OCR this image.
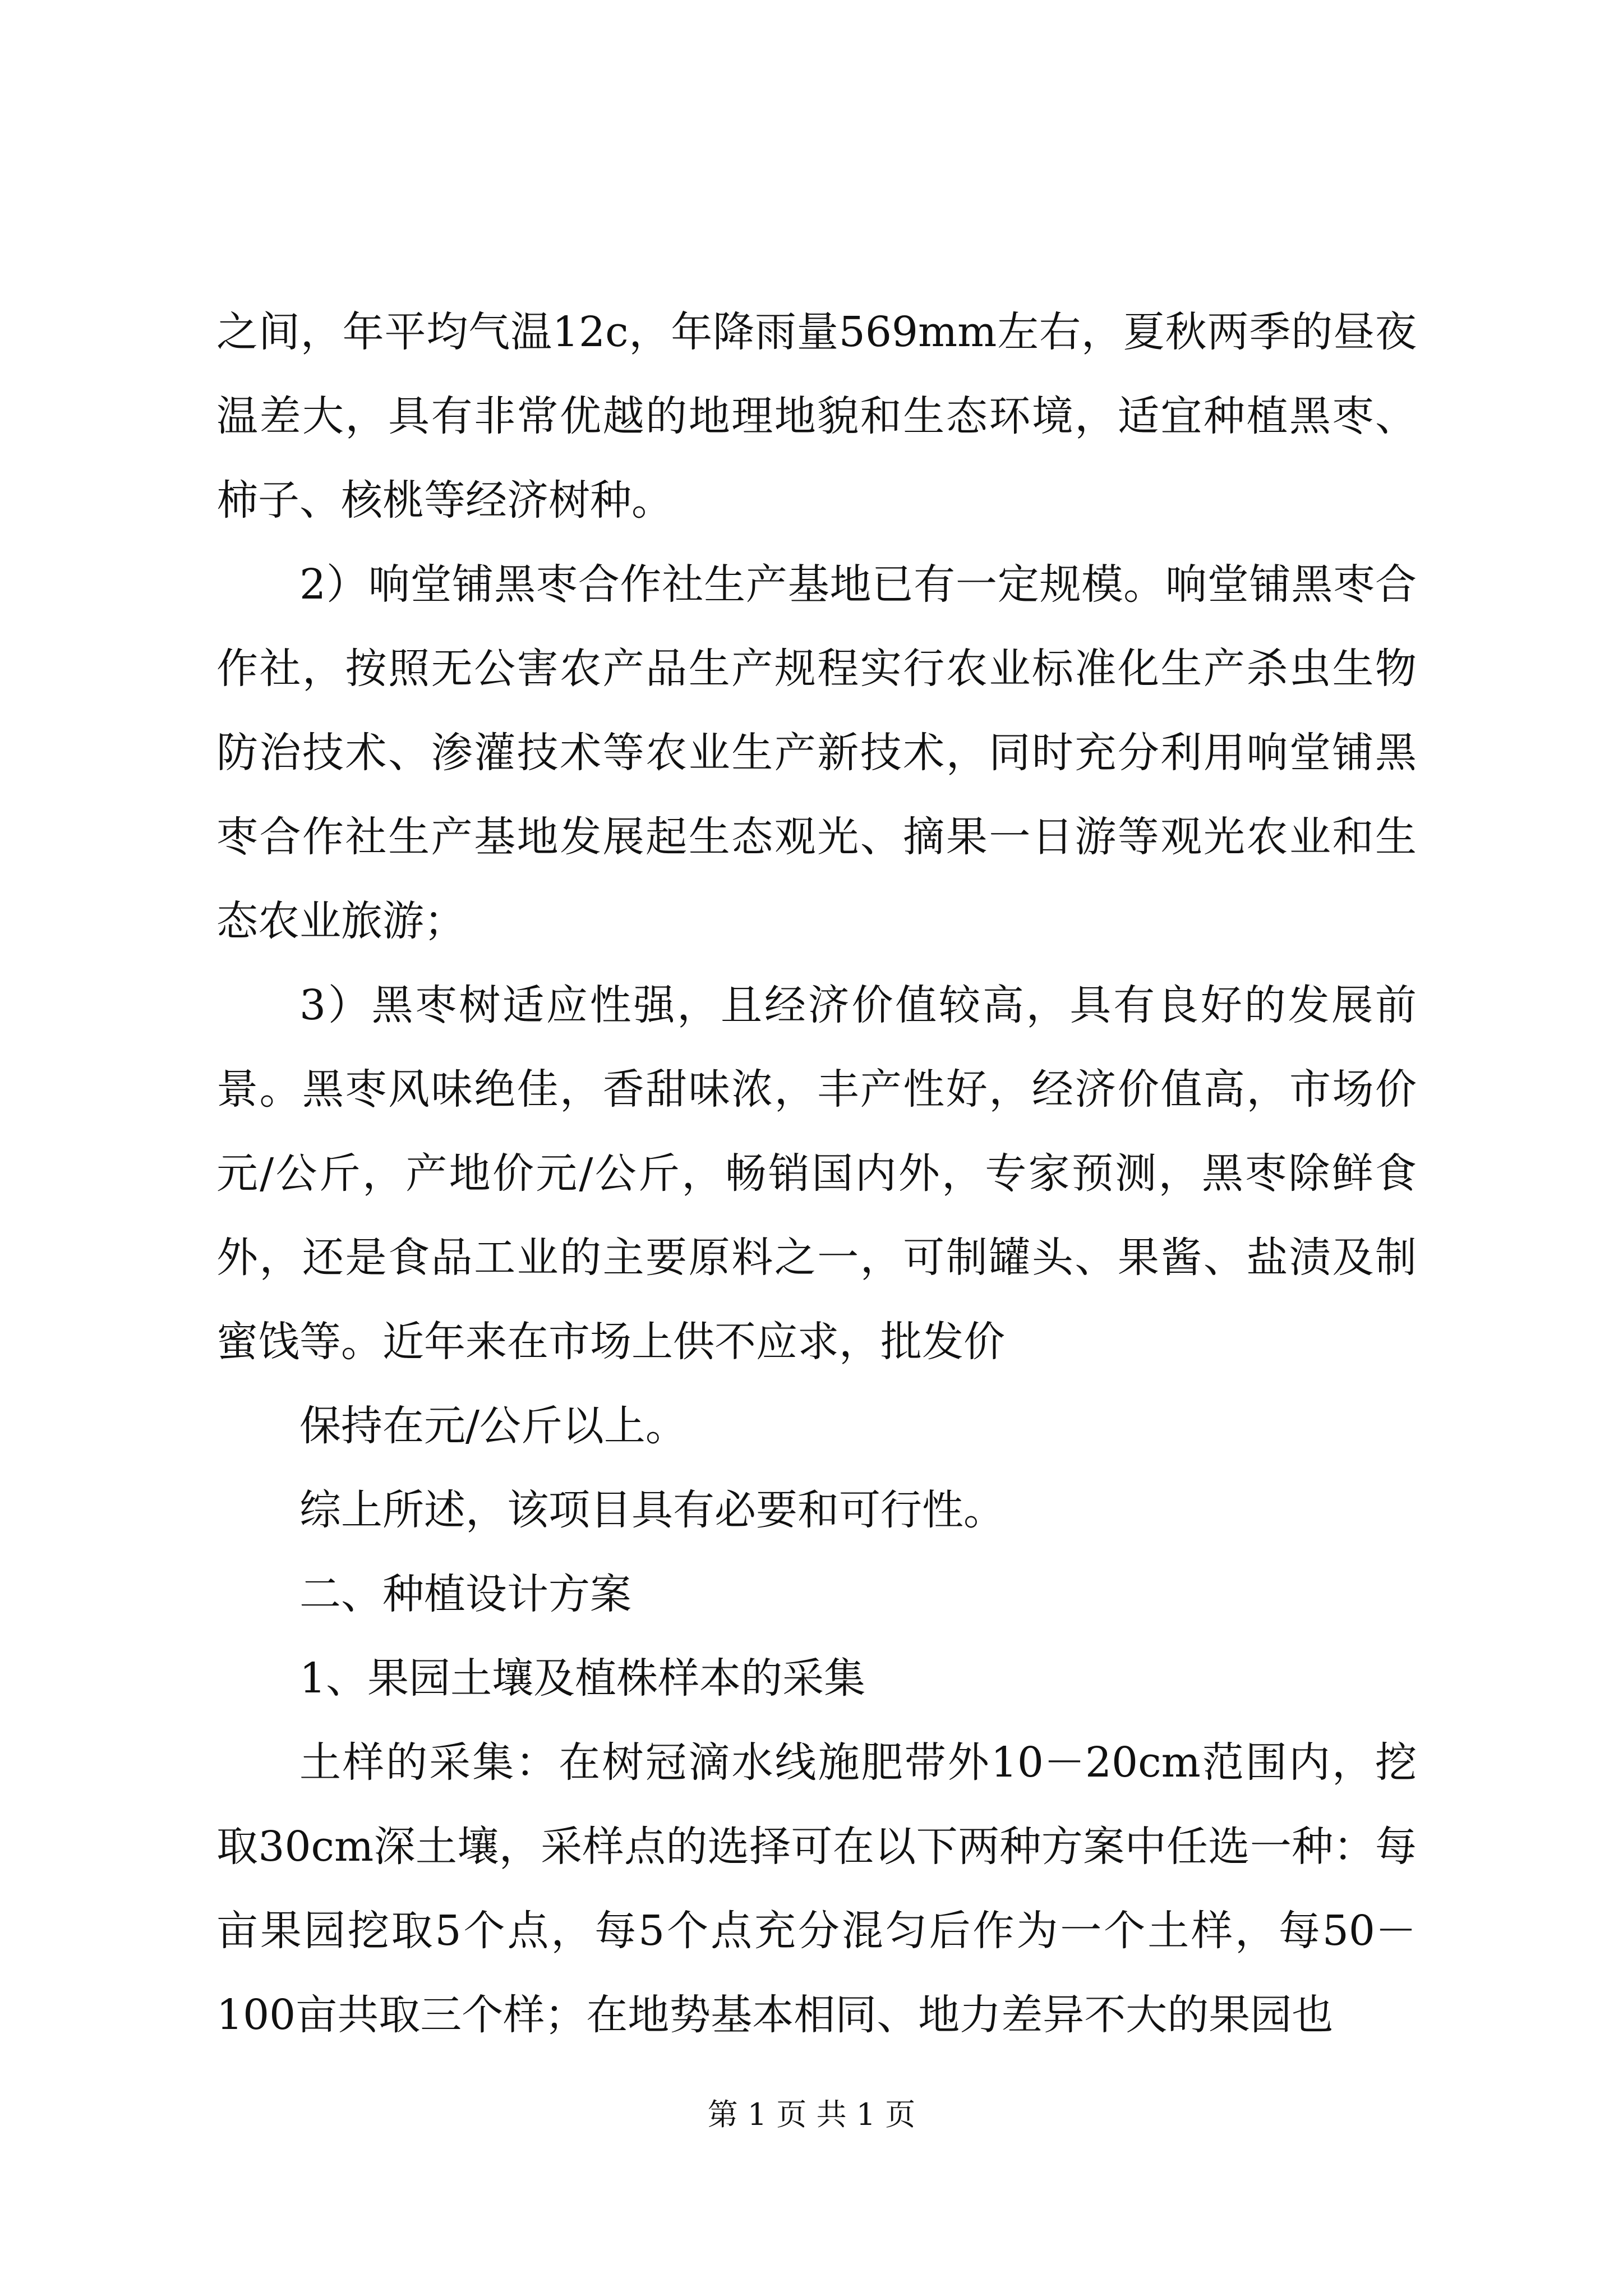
之间，年平均气温12c，年降雨量569mm左右，夏秋两季的昼夜温差大，具有非常优越的地理地貌和生态环境，适宜种植黑枣、柿子、核桃等经济树种。

2）响堂铺黑枣合作社生产基地已有一定规模。响堂铺黑枣合作社，按照无公害农产品生产规程实行农业标准化生产杀虫生物防治技术、渗灌技术等农业生产新技术，同时充分利用响堂铺黑枣合作社生产基地发展起生态观光、摘果一日游等观光农业和生态农业旅游；

3）黑枣树适应性强，且经济价值较高，具有良好的发展前景。黑枣风味绝佳，香甜味浓，丰产性好，经济价值高，市场价元/公斤，产地价元/公斤，畅销国内外，专家预测，黑枣除鲜食外，还是食品工业的主要原料之一，可制罐头、果酱、盐渍及制蜜饯等。近年来在市场上供不应求，批发价

保持在元/公斤以上。

综上所述，该项目具有必要和可行性。

二、种植设计方案

1、果园土壤及植株样本的采集

土样的采集：在树冠滴水线施肥带外10－20cm范围内，挖取30cm深土壤，采样点的选择可在以下两种方案中任选一种：每亩果园挖取5个点，每5个点充分混匀后作为一个土样，每50－100亩共取三个样；在地势基本相同、地力差异不大的果园也

第 1 页 共 1 页
